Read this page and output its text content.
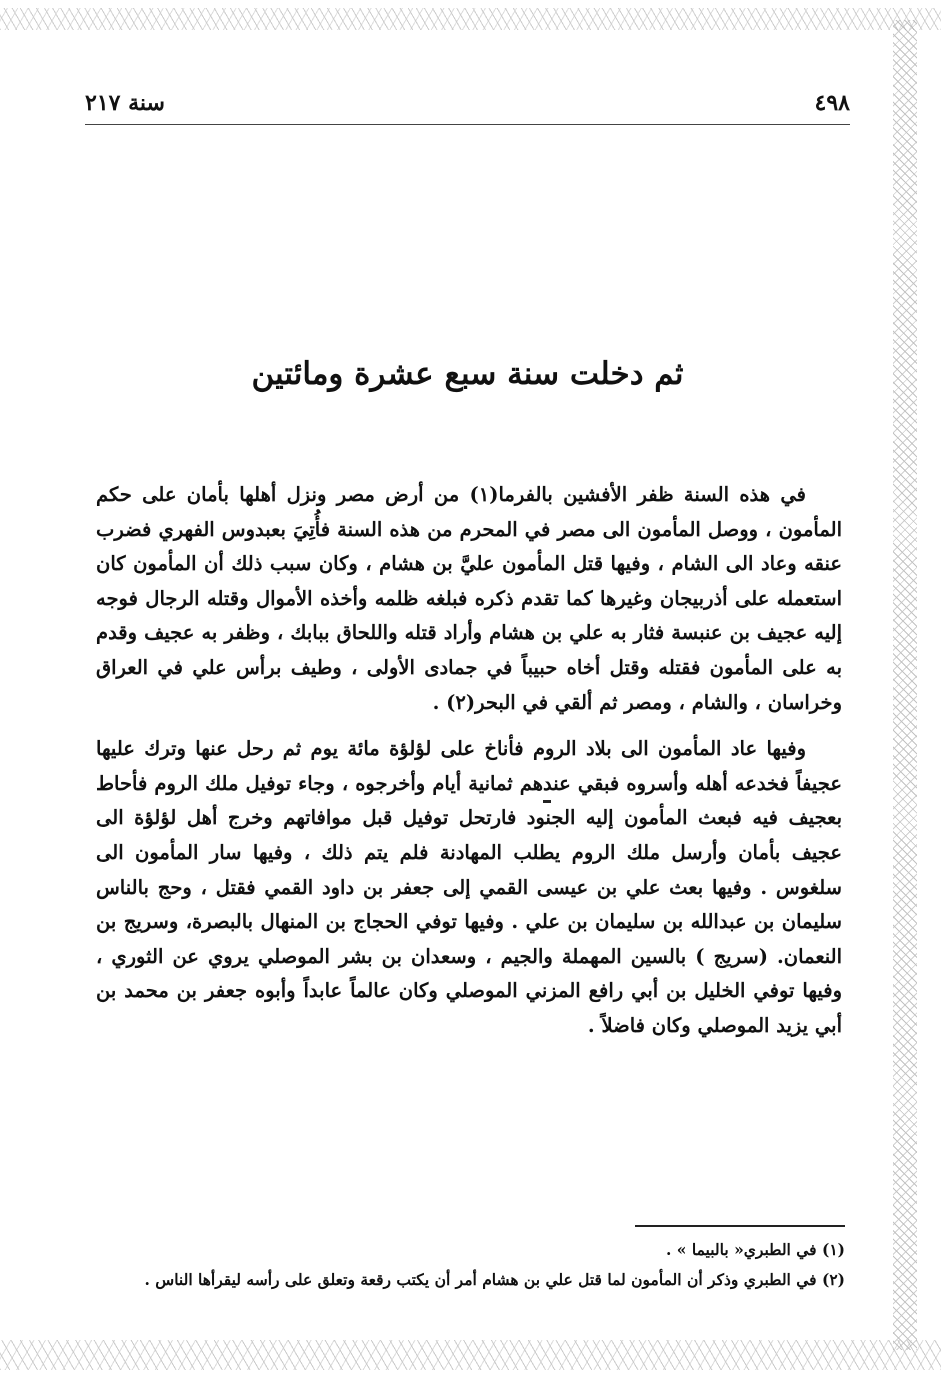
٤٩٨
سنة ٢١٧
ثم دخلت سنة سبع عشرة ومائتين

في هذه السنة ظفر الأفشين بالفرما(١) من أرض مصر ونزل أهلها بأمان على حكم المأمون ، ووصل المأمون الى مصر في المحرم من هذه السنة فأُتِيَ بعبدوس الفهري فضرب عنقه وعاد الى الشام ، وفيها قتل المأمون عليَّ بن هشام ، وكان سبب ذلك أن المأمون كان استعمله على أذربيجان وغيرها كما تقدم ذكره فبلغه ظلمه وأخذه الأموال وقتله الرجال فوجه إليه عجيف بن عنبسة فثار به علي بن هشام وأراد قتله واللحاق ببابك ، وظفر به عجيف وقدم به على المأمون فقتله وقتل أخاه حبيباً في جمادى الأولى ، وطيف برأس علي في العراق وخراسان ، والشام ، ومصر ثم ألقي في البحر(٢) .

وفيها عاد المأمون الى بلاد الروم فأناخ على لؤلؤة مائة يوم ثم رحل عنها وترك عليها عجيفاً فخدعه أهله وأسروه فبقي عندهم ثمانية أيام وأخرجوه ، وجاء توفيل ملك الروم فأحاط بعجيف فيه فبعث المأمون إليه الجنود فارتحل توفيل قبل موافاتهم وخرج أهل لؤلؤة الى عجيف بأمان وأرسل ملك الروم يطلب المهادنة فلم يتم ذلك ، وفيها سار المأمون الى سلغوس . وفيها بعث علي بن عيسى القمي إلى جعفر بن داود القمي فقتل ، وحج بالناس سليمان بن عبدالله بن سليمان بن علي . وفيها توفي الحجاج بن المنهال بالبصرة، وسريج بن النعمان. (سريج ) بالسين المهملة والجيم ، وسعدان بن بشر الموصلي يروي عن الثوري ، وفيها توفي الخليل بن أبي رافع المزني الموصلي وكان عالماً عابداً وأبوه جعفر بن محمد بن أبي يزيد الموصلي وكان فاضلاً .

(١) في الطبري« بالبيما » .
(٢) في الطبري وذكر أن المأمون لما قتل علي بن هشام أمر أن يكتب رقعة وتعلق على رأسه ليقرأها الناس .
